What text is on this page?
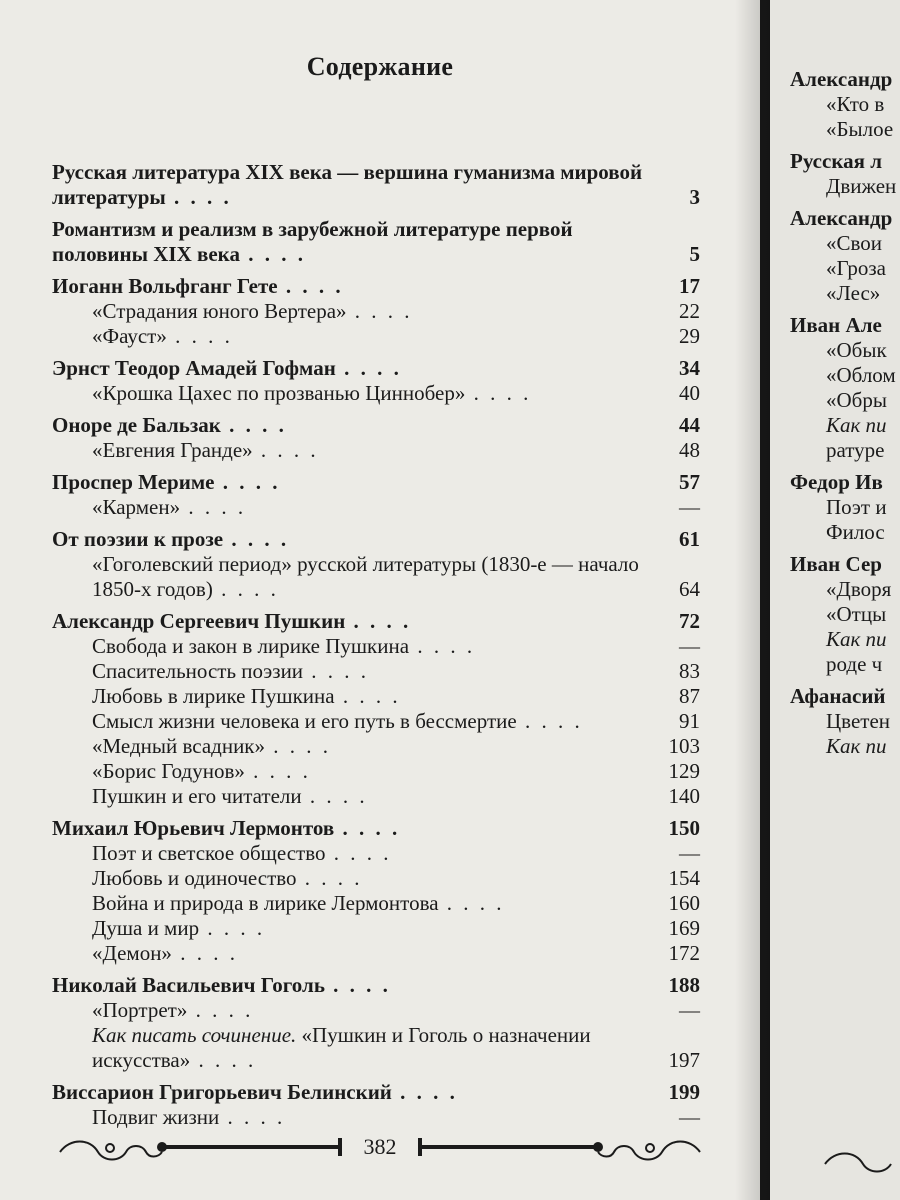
Содержание
Русская литература XIX века — вершина гуманизма мировой литературы . . . .	3
Романтизм и реализм в зарубежной литературе первой половины XIX века . . . .	5
Иоганн Вольфганг Гете . . . .	17
«Страдания юного Вертера» . . . .	22
«Фауст» . . . .	29
Эрнст Теодор Амадей Гофман . . . .	34
«Крошка Цахес по прозванью Циннобер» . . . .	40
Оноре де Бальзак . . . .	44
«Евгения Гранде» . . . .	48
Проспер Мериме . . . .	57
«Кармен» . . . .	—
От поэзии к прозе . . . .	61
«Гоголевский период» русской литературы (1830-е — начало 1850-х годов) . . . .	64
Александр Сергеевич Пушкин . . . .	72
Свобода и закон в лирике Пушкина . . . .	—
Спасительность поэзии . . . .	83
Любовь в лирике Пушкина . . . .	87
Смысл жизни человека и его путь в бессмертие . . . .	91
«Медный всадник» . . . .	103
«Борис Годунов» . . . .	129
Пушкин и его читатели . . . .	140
Михаил Юрьевич Лермонтов . . . .	150
Поэт и светское общество . . . .	—
Любовь и одиночество . . . .	154
Война и природа в лирике Лермонтова . . . .	160
Душа и мир . . . .	169
«Демон» . . . .	172
Николай Васильевич Гоголь . . . .	188
«Портрет» . . . .	—
Как писать сочинение. «Пушкин и Гоголь о назначении искусства» . . . .	197
Виссарион Григорьевич Белинский . . . .	199
Подвиг жизни . . . .	—
382
Александр
«Кто в
«Былое
Русская л
Движен
Александр
«Свои
«Гроза
«Лес»
Иван Але
«Обык
«Облом
«Обры
Как пи
ратуре
Федор Ив
Поэт и
Филос
Иван Сер
«Дворя
«Отцы
Как пи
роде ч
Афанасий
Цветен
Как пи
